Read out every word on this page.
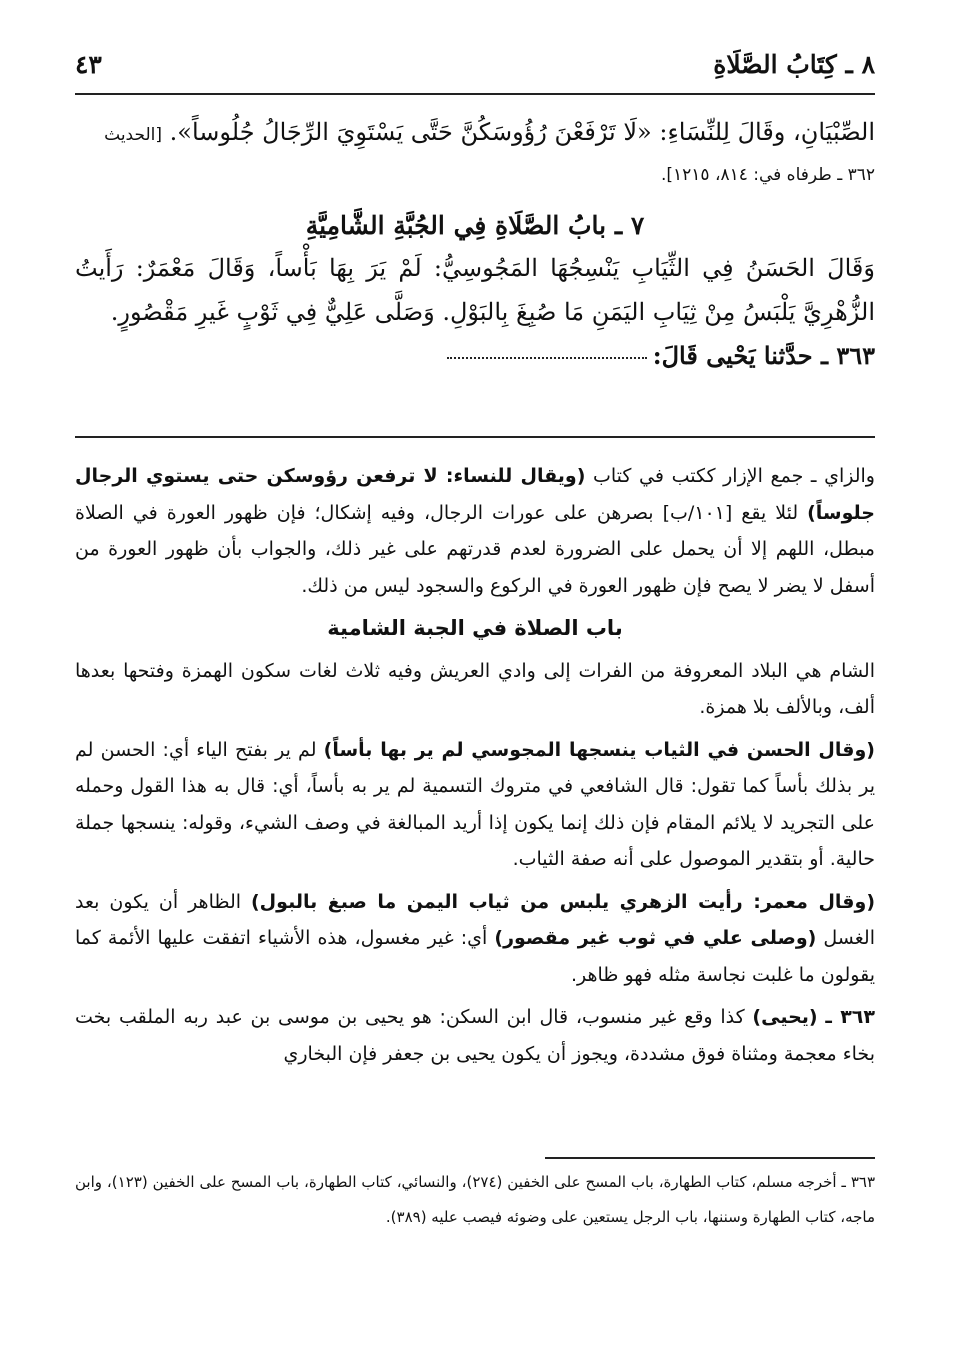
٨ ـ كِتَابُ الصَّلَاةِ
٤٣

الصِّبْيَانِ، وقَالَ لِلنِّسَاءِ: «لَا تَرْفَعْنَ رُؤُوسَكُنَّ حَتَّى يَسْتَوِيَ الرِّجَالُ جُلُوساً». [الحديث

٣٦٢ ـ طرفاه في: ٨١٤، ١٢١٥].

٧ ـ بابُ الصَّلَاةِ فِي الجُبَّةِ الشَّامِيَّةِ

وَقَالَ الحَسَنُ فِي الثِّيَابِ يَنْسِجُهَا المَجُوسِيُّ: لَمْ يَرَ بِهَا بَأْساً، وَقَالَ مَعْمَرٌ: رَأَيتُ الزُّهْرِيَّ يَلْبَسُ مِنْ ثِيَابِ اليَمَنِ مَا صُبِغَ بِالبَوْلِ. وَصَلَّى عَلِيٌّ فِي ثَوْبٍ غَيرِ مَقْصُورٍ.

٣٦٣ ـ حدَّثنا يَحْيى قَالَ:

والزاي ـ جمع الإزار ككتب في كتاب (ويقال للنساء: لا ترفعن رؤوسكن حتى يستوي الرجال جلوساً) لئلا يقع [١٠١/ب] بصرهن على عورات الرجال، وفيه إشكال؛ فإن ظهور العورة في الصلاة مبطل، اللهم إلا أن يحمل على الضرورة لعدم قدرتهم على غير ذلك، والجواب بأن ظهور العورة من أسفل لا يضر لا يصح فإن ظهور العورة في الركوع والسجود ليس من ذلك.

باب الصلاة في الجبة الشامية

الشام هي البلاد المعروفة من الفرات إلى وادي العريش وفيه ثلاث لغات سكون الهمزة وفتحها بعدها ألف، وبالألف بلا همزة.

(وقال الحسن في الثياب ينسجها المجوسي لم ير بها بأساً) لم ير بفتح الياء أي: الحسن لم ير بذلك بأساً كما تقول: قال الشافعي في متروك التسمية لم ير به بأساً، أي: قال به هذا القول وحمله على التجريد لا يلائم المقام فإن ذلك إنما يكون إذا أريد المبالغة في وصف الشيء، وقوله: ينسجها جملة حالية. أو بتقدير الموصول على أنه صفة الثياب.

(وقال معمر: رأيت الزهري يلبس من ثياب اليمن ما صبغ بالبول) الظاهر أن يكون بعد الغسل (وصلى علي في ثوب غير مقصور) أي: غير مغسول، هذه الأشياء اتفقت عليها الأئمة كما يقولون ما غلبت نجاسة مثله فهو ظاهر.

٣٦٣ ـ (يحيى) كذا وقع غير منسوب، قال ابن السكن: هو يحيى بن موسى بن عبد ربه الملقب بخت بخاء معجمة ومثناة فوق مشددة، ويجوز أن يكون يحيى بن جعفر فإن البخاري

٣٦٣ ـ أخرجه مسلم، كتاب الطهارة، باب المسح على الخفين (٢٧٤)، والنسائي، كتاب الطهارة، باب المسح على الخفين (١٢٣)، وابن ماجه، كتاب الطهارة وسننها، باب الرجل يستعين على وضوئه فيصب عليه (٣٨٩).
